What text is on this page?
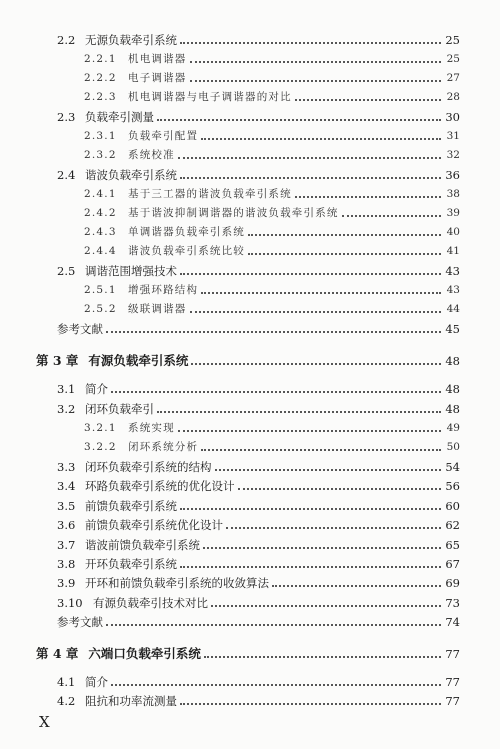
2.2 无源负载牵引系统	25
2.2.1	机电调谐器	25
2.2.2	电子调谐器	27
2.2.3	机电调谐器与电子调谐器的对比	28
2.3 负载牵引测量	30
2.3.1	负载牵引配置	31
2.3.2	系统校准	32
2.4 谐波负载牵引系统	36
2.4.1	基于三工器的谐波负载牵引系统	38
2.4.2	基于谐波抑制调谐器的谐波负载牵引系统	39
2.4.3	单调谐器负载牵引系统	40
2.4.4	谐波负载牵引系统比较	41
2.5 调谐范围增强技术	43
2.5.1	增强环路结构	43
2.5.2	级联调谐器	44
参考文献	45
第 3 章 有源负载牵引系统	48
3.1 简介	48
3.2 闭环负载牵引	48
3.2.1	系统实现	49
3.2.2	闭环系统分析	50
3.3 闭环负载牵引系统的结构	54
3.4 环路负载牵引系统的优化设计	56
3.5 前馈负载牵引系统	60
3.6 前馈负载牵引系统优化设计	62
3.7 谐波前馈负载牵引系统	65
3.8 开环负载牵引系统	67
3.9 开环和前馈负载牵引系统的收敛算法	69
3.10 有源负载牵引技术对比	73
参考文献	74
第 4 章 六端口负载牵引系统	77
4.1 简介	77
4.2 阻抗和功率流测量	77
X
